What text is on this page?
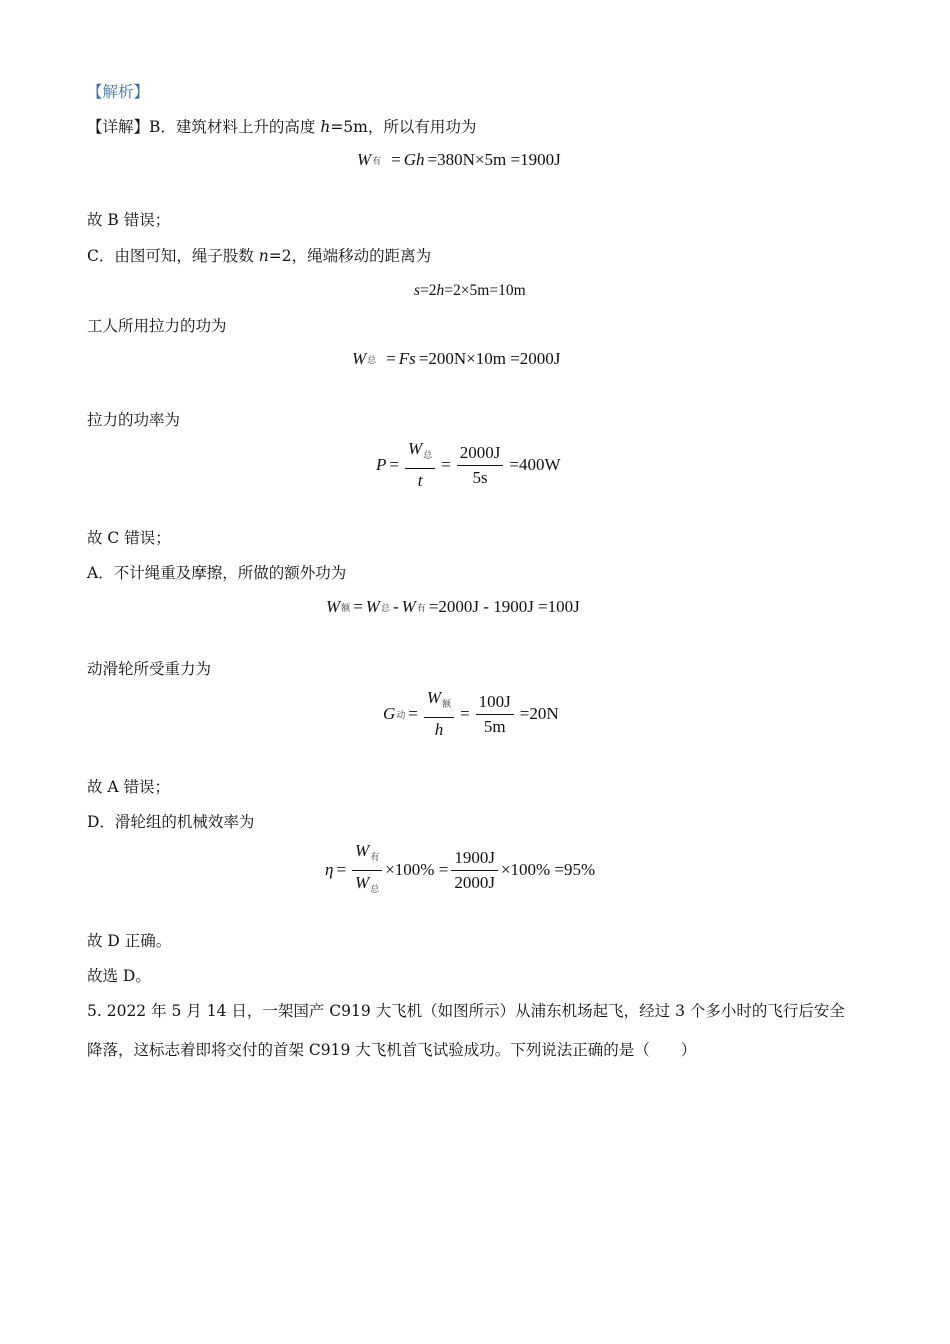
【解析】
【详解】B．建筑材料上升的高度 h=5m，所以有用功为
W 有 = Gh =380N×5m =1900J
故 B 错误；
C．由图可知，绳子股数 n=2，绳端移动的距离为
s =2 h =2×5m=10m
工人所用拉力的功为
W 总 = Fs =200N×10m =2000J
拉力的功率为
$P = \frac{W_总}{t} = \frac{2000J}{5s} =400W$
故 C 错误；
A．不计绳重及摩擦，所做的额外功为
W 额 = W 总 - W 有 =2000J - 1900J =100J
动滑轮所受重力为
G 动 = $\frac{W_额}{h} = \frac{100J}{5m} =20N$
故 A 错误；
D．滑轮组的机械效率为
$\eta = \frac{W_有}{W_总} \times 100\% = \frac{1900J}{2000J} \times 100\% =95\%$
故 D 正确。
故选 D。
5. 2022 年 5 月 14 日，一架国产 C919 大飞机（如图所示）从浦东机场起飞，经过 3 个多小时的飞行后安全
降落，这标志着即将交付的首架 C919 大飞机首飞试验成功。下列说法正确的是（　　）
